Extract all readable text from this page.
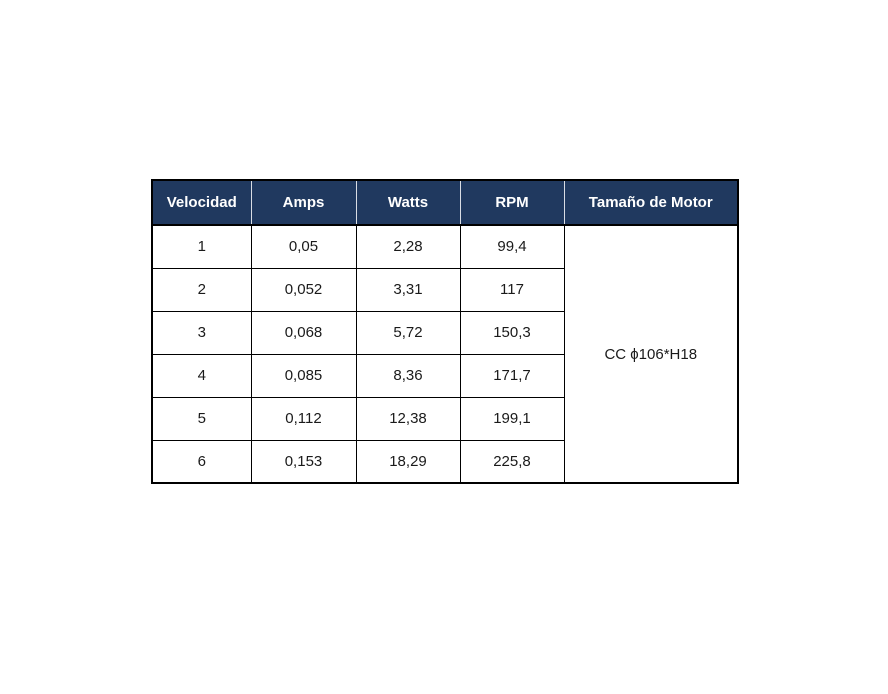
Velocidad	Amps	Watts	RPM	Tamaño de Motor
1	0,05	2,28	99,4	CC ϕ106*H18
2	0,052	3,31	117	
3	0,068	5,72	150,3	
4	0,085	8,36	171,7	
5	0,112	12,38	199,1	
6	0,153	18,29	225,8	
